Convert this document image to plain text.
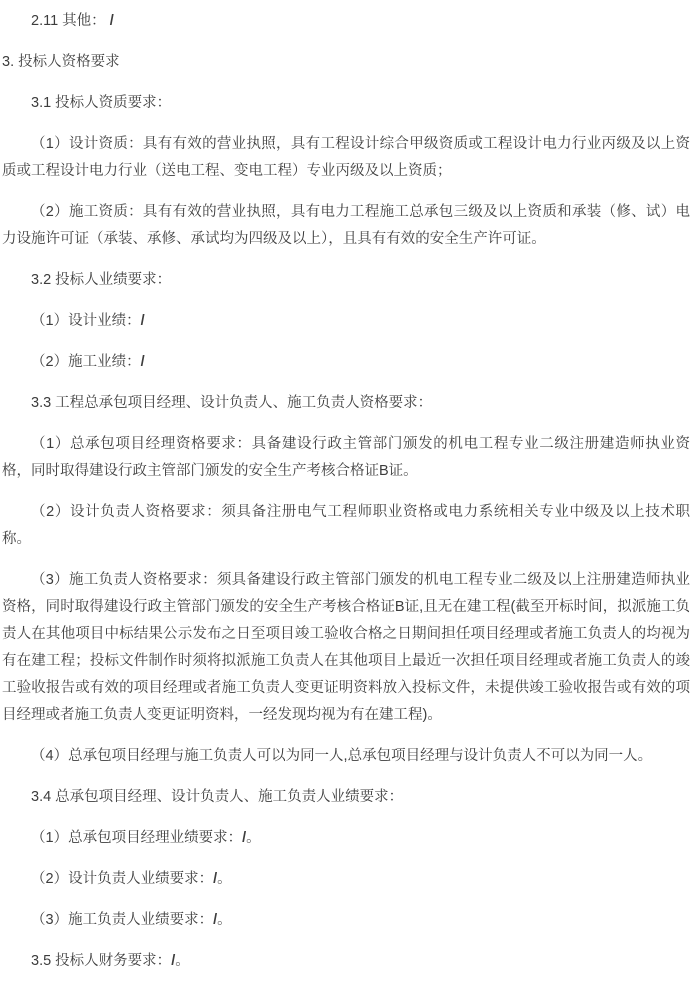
2.11 其他： /

3. 投标人资格要求

3.1 投标人资质要求：

（1）设计资质：具有有效的营业执照，具有工程设计综合甲级资质或工程设计电力行业丙级及以上资质或工程设计电力行业（送电工程、变电工程）专业丙级及以上资质；

（2）施工资质：具有有效的营业执照，具有电力工程施工总承包三级及以上资质和承装（修、试）电力设施许可证（承装、承修、承试均为四级及以上），且具有有效的安全生产许可证。

3.2 投标人业绩要求：

（1）设计业绩：/

（2）施工业绩：/

3.3 工程总承包项目经理、设计负责人、施工负责人资格要求：

（1）总承包项目经理资格要求：具备建设行政主管部门颁发的机电工程专业二级注册建造师执业资格，同时取得建设行政主管部门颁发的安全生产考核合格证B证。

（2）设计负责人资格要求：须具备注册电气工程师职业资格或电力系统相关专业中级及以上技术职称。

（3）施工负责人资格要求：须具备建设行政主管部门颁发的机电工程专业二级及以上注册建造师执业资格，同时取得建设行政主管部门颁发的安全生产考核合格证B证,且无在建工程(截至开标时间，拟派施工负责人在其他项目中标结果公示发布之日至项目竣工验收合格之日期间担任项目经理或者施工负责人的均视为有在建工程；投标文件制作时须将拟派施工负责人在其他项目上最近一次担任项目经理或者施工负责人的竣工验收报告或有效的项目经理或者施工负责人变更证明资料放入投标文件，未提供竣工验收报告或有效的项目经理或者施工负责人变更证明资料，一经发现均视为有在建工程)。

（4）总承包项目经理与施工负责人可以为同一人,总承包项目经理与设计负责人不可以为同一人。

3.4 总承包项目经理、设计负责人、施工负责人业绩要求：

（1）总承包项目经理业绩要求：/。

（2）设计负责人业绩要求：/。

（3）施工负责人业绩要求：/。

3.5 投标人财务要求：/。
